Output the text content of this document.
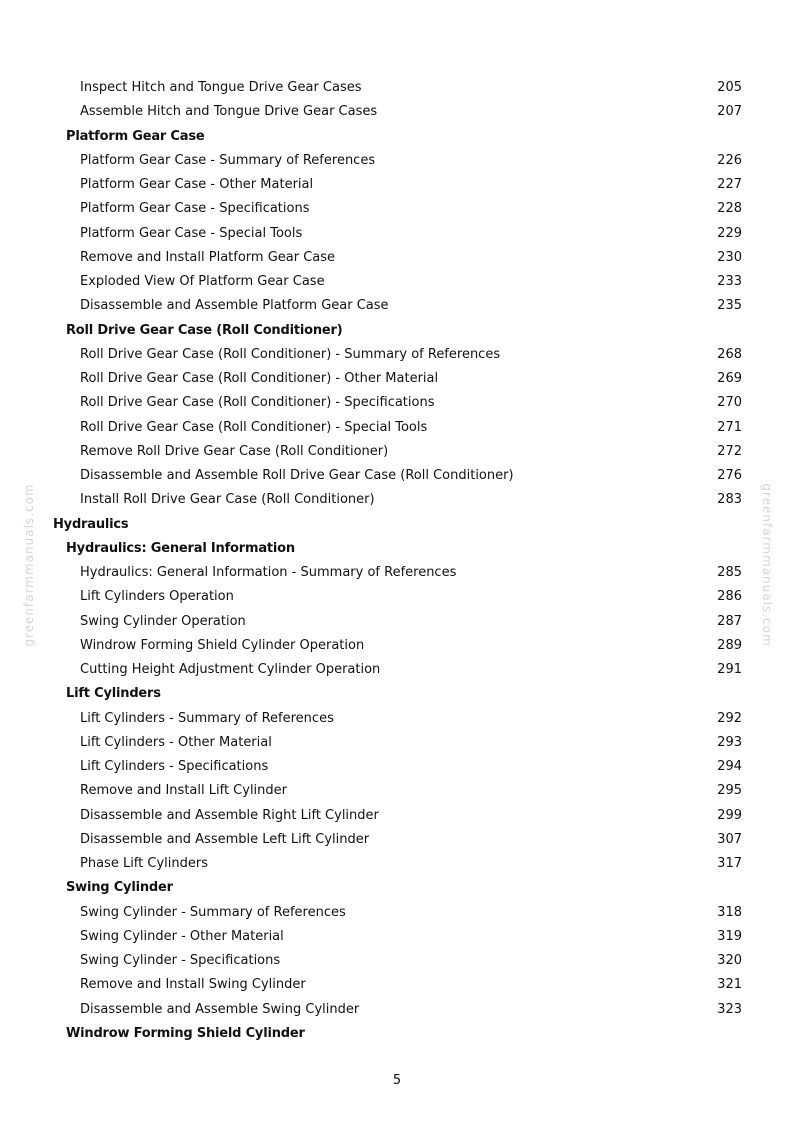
greenfarmmanuals.com	greenfarmmanuals.com
Inspect Hitch and Tongue Drive Gear Cases	205
Assemble Hitch and Tongue Drive Gear Cases	207
Platform Gear Case
Platform Gear Case - Summary of References	226
Platform Gear Case - Other Material	227
Platform Gear Case - Specifications	228
Platform Gear Case - Special Tools	229
Remove and Install Platform Gear Case	230
Exploded View Of Platform Gear Case	233
Disassemble and Assemble Platform Gear Case	235
Roll Drive Gear Case (Roll Conditioner)
Roll Drive Gear Case (Roll Conditioner) - Summary of References	268
Roll Drive Gear Case (Roll Conditioner) - Other Material	269
Roll Drive Gear Case (Roll Conditioner) - Specifications	270
Roll Drive Gear Case (Roll Conditioner) - Special Tools	271
Remove Roll Drive Gear Case (Roll Conditioner)	272
Disassemble and Assemble Roll Drive Gear Case (Roll Conditioner)	276
Install Roll Drive Gear Case (Roll Conditioner)	283
Hydraulics
Hydraulics: General Information
Hydraulics: General Information - Summary of References	285
Lift Cylinders Operation	286
Swing Cylinder Operation	287
Windrow Forming Shield Cylinder Operation	289
Cutting Height Adjustment Cylinder Operation	291
Lift Cylinders
Lift Cylinders - Summary of References	292
Lift Cylinders - Other Material	293
Lift Cylinders - Specifications	294
Remove and Install Lift Cylinder	295
Disassemble and Assemble Right Lift Cylinder	299
Disassemble and Assemble Left Lift Cylinder	307
Phase Lift Cylinders	317
Swing Cylinder
Swing Cylinder - Summary of References	318
Swing Cylinder - Other Material	319
Swing Cylinder - Specifications	320
Remove and Install Swing Cylinder	321
Disassemble and Assemble Swing Cylinder	323
Windrow Forming Shield Cylinder
5
